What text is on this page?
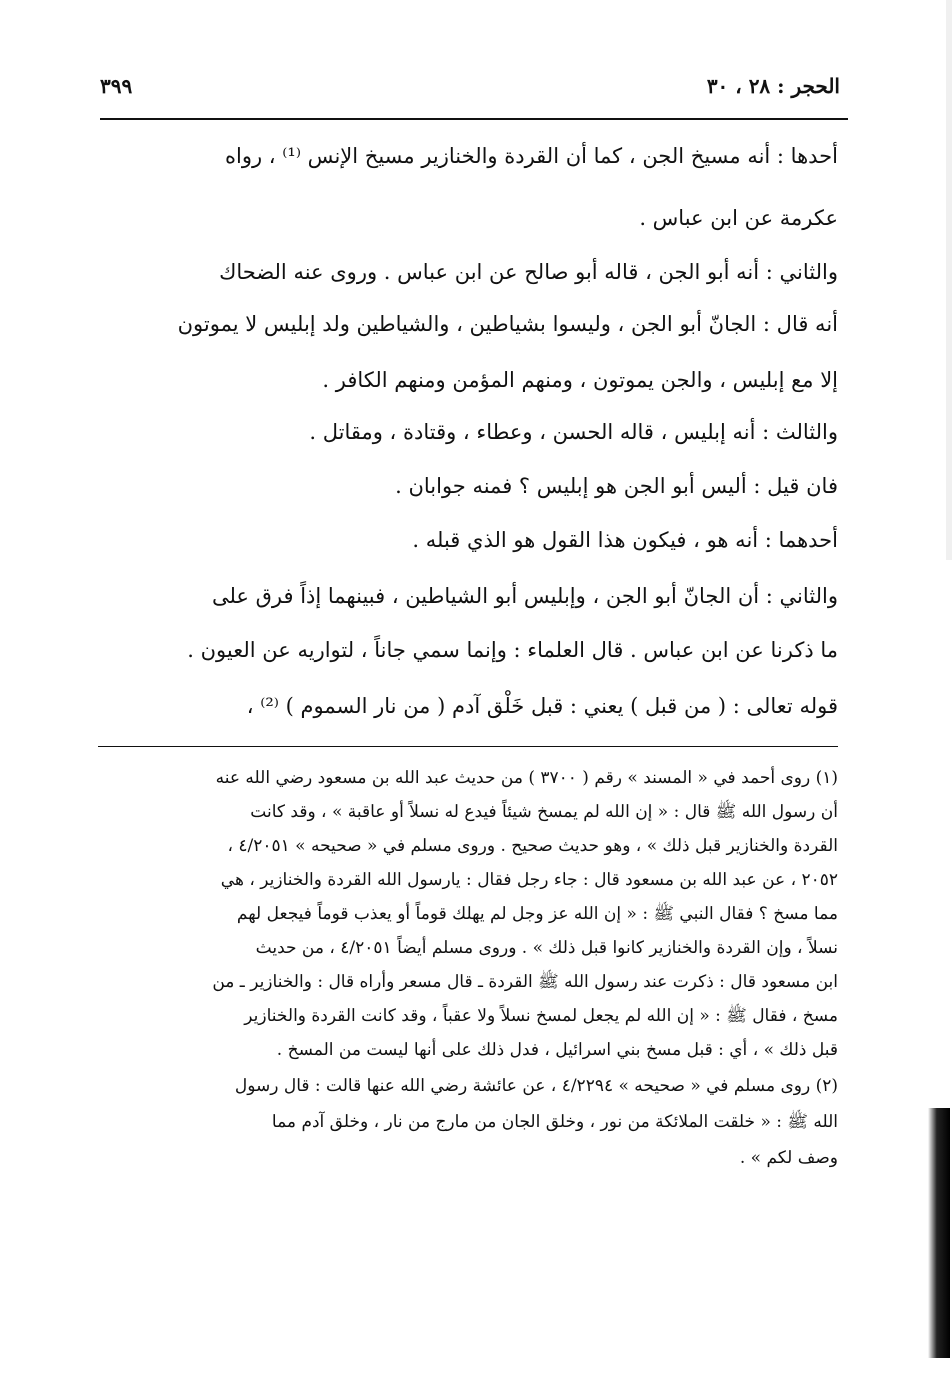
الحجر : ٢٨ ، ٣٠
٣٩٩
أحدها : أنه مسيخ الجن ، كما أن القردة والخنازير مسيخ الإنس ⁽¹⁾ ، رواه
عكرمة عن ابن عباس .
والثاني : أنه أبو الجن ، قاله أبو صالح عن ابن عباس . وروى عنه الضحاك
أنه قال : الجانّ أبو الجن ، وليسوا بشياطين ، والشياطين ولد إبليس لا يموتون
إلا مع إبليس ، والجن يموتون ، ومنهم المؤمن ومنهم الكافر .
والثالث : أنه إبليس ، قاله الحسن ، وعطاء ، وقتادة ، ومقاتل .
فان قيل : أليس أبو الجن هو إبليس ؟ فمنه جوابان .
أحدهما : أنه هو ، فيكون هذا القول هو الذي قبله .
والثاني : أن الجانّ أبو الجن ، وإبليس أبو الشياطين ، فبينهما إذاً فرق على
ما ذكرنا عن ابن عباس . قال العلماء : وإنما سمي جاناً ، لتواريه عن العيون .
قوله تعالى : ( من قبل ) يعني : قبل خَلْق آدم ( من نار السموم ) ⁽²⁾ ،
(١) روى أحمد في « المسند » رقم ( ٣٧٠٠ ) من حديث عبد الله بن مسعود رضي الله عنه
أن رسول الله ﷺ قال : « إن الله لم يمسخ شيئاً فيدع له نسلاً أو عاقبة » ، وقد كانت
القردة والخنازير قبل ذلك » ، وهو حديث صحيح . وروى مسلم في « صحيحه » ٤/٢٠٥١ ،
٢٠٥٢ ، عن عبد الله بن مسعود قال : جاء رجل فقال : يارسول الله القردة والخنازير ، هي
مما مسخ ؟ فقال النبي ﷺ : « إن الله عز وجل لم يهلك قوماً أو يعذب قوماً فيجعل لهم
نسلاً ، وإن القردة والخنازير كانوا قبل ذلك » . وروى مسلم أيضاً ٤/٢٠٥١ ، من حديث
ابن مسعود قال : ذكرت عند رسول الله ﷺ القردة ـ قال مسعر وأراه قال : والخنازير ـ من
مسخ ، فقال ﷺ : « إن الله لم يجعل لمسخ نسلاً ولا عقباً ، وقد كانت القردة والخنازير
قبل ذلك » ، أي : قبل مسخ بني اسرائيل ، فدل ذلك على أنها ليست من المسخ .
(٢) روى مسلم في « صحيحه » ٤/٢٢٩٤ ، عن عائشة رضي الله عنها قالت : قال رسول
الله ﷺ : « خلقت الملائكة من نور ، وخلق الجان من مارج من نار ، وخلق آدم مما
وصف لكم » .
